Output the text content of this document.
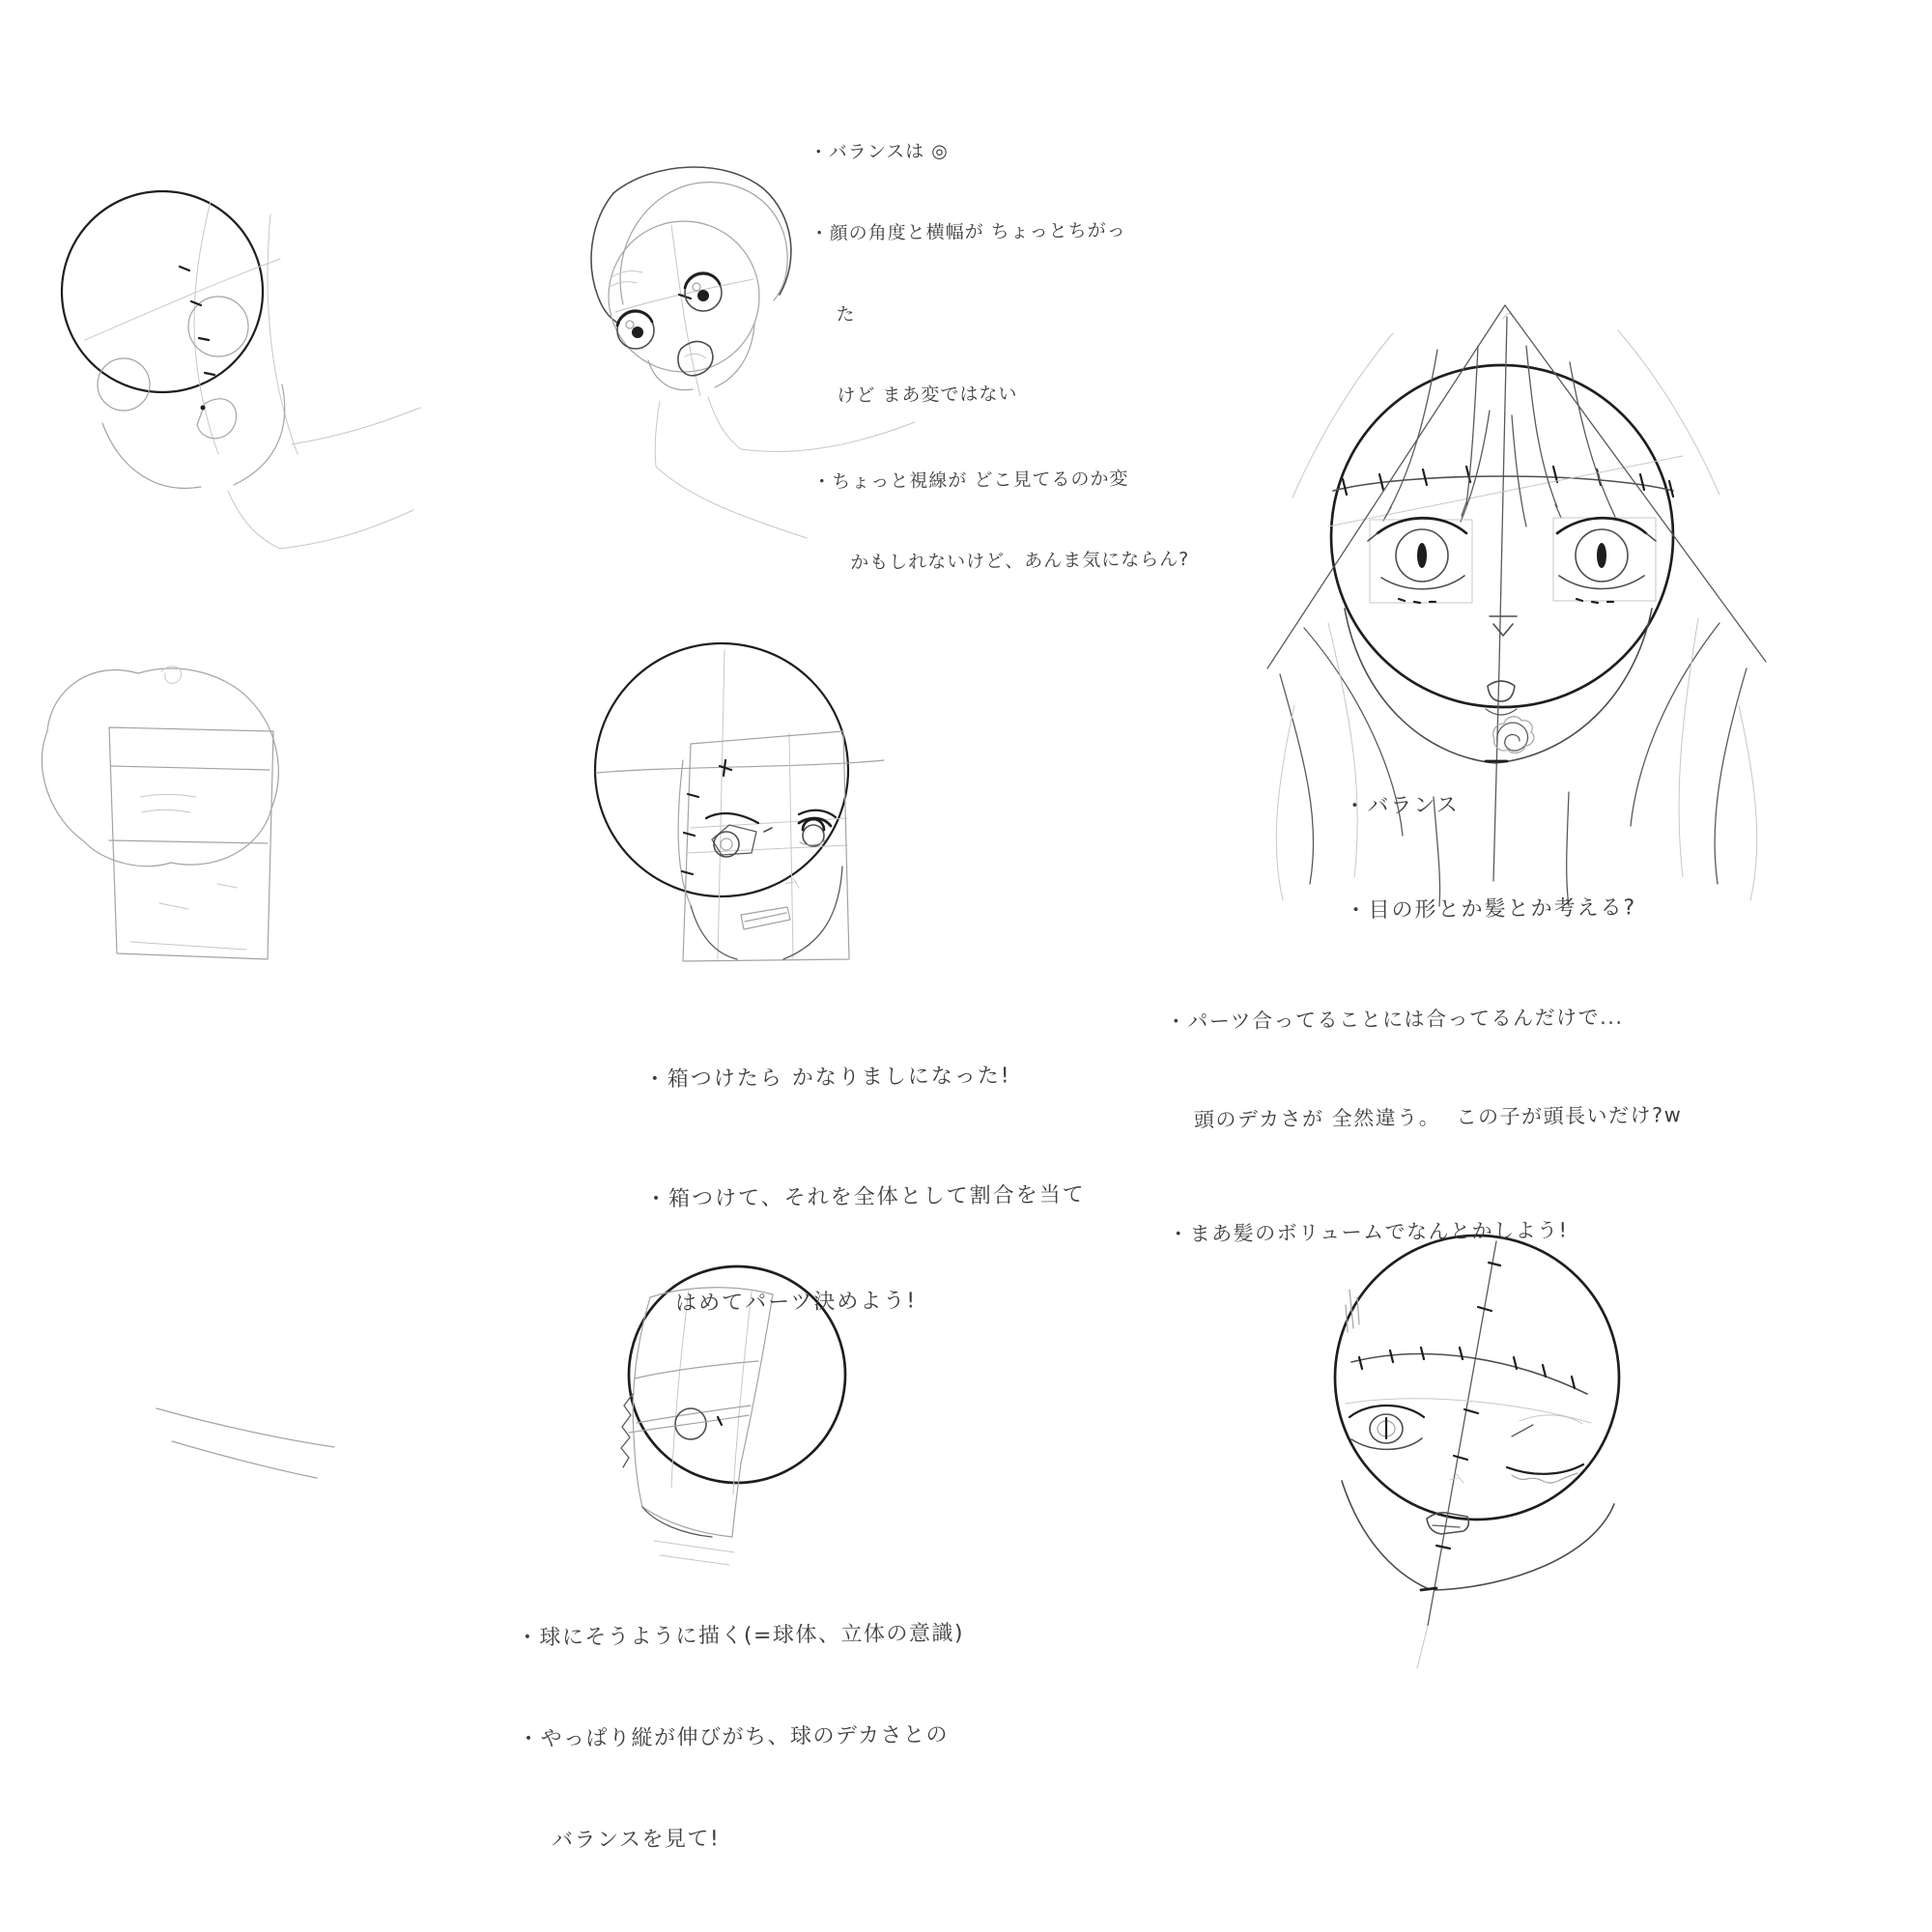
・バランスは ◎

・顔の角度と横幅が ちょっとちがっ

た

けど まあ変ではない

・ちょっと視線が どこ見てるのか変

かもしれないけど、あんま気にならん?

・バランス

・目の形とか髪とか考える?

・箱つけたら かなりましになった!

・箱つけて、それを全体として割合を当て

はめてパーツ決めよう!

・パーツ合ってることには合ってるんだけで...

頭のデカさが 全然違う。  この子が頭長いだけ?w

・まあ髪のボリュームでなんとかしよう!

・球にそうように描く(=球体、立体の意識)

・やっぱり縦が伸びがち、球のデカさとの

バランスを見て!
